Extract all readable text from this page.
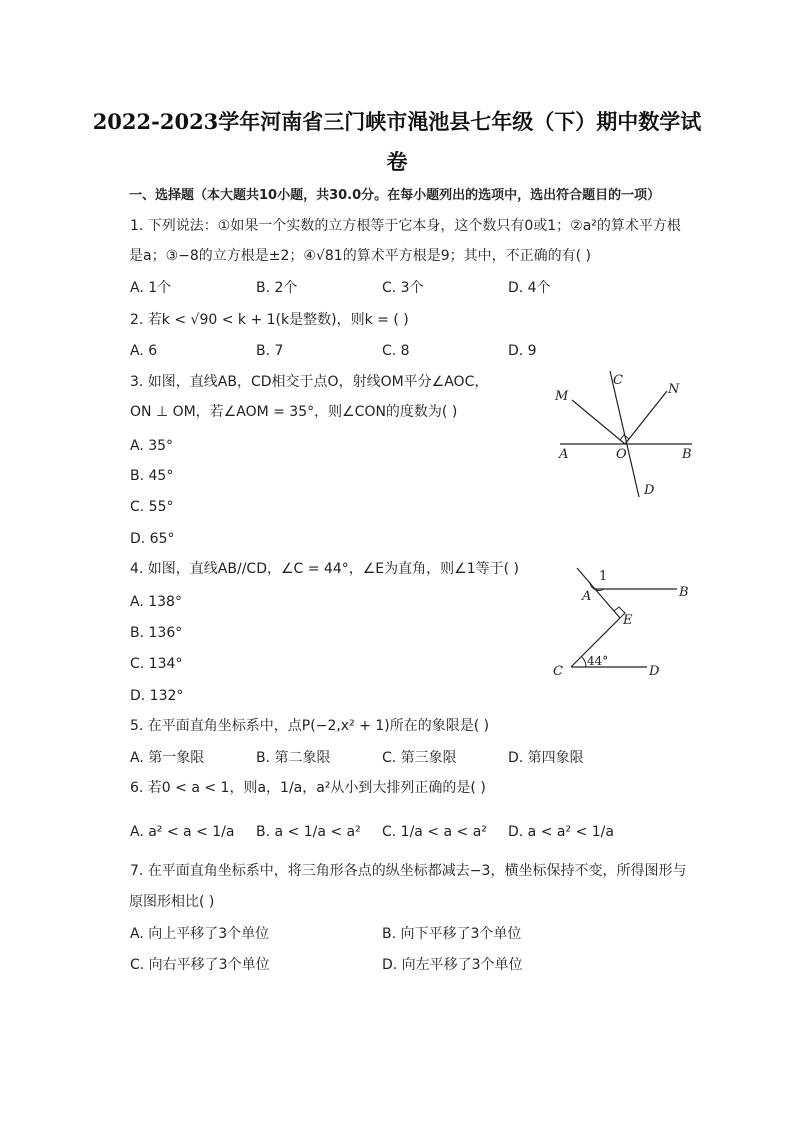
2022-2023学年河南省三门峡市渑池县七年级（下）期中数学试
卷
一、选择题（本大题共10小题，共30.0分。在每小题列出的选项中，选出符合题目的一项）
1. 下列说法：①如果一个实数的立方根等于它本身，这个数只有0或1；②a²的算术平方根
是a；③−8的立方根是±2；④√81的算术平方根是9；其中，不正确的有( )
A. 1个	B. 2个	C. 3个	D. 4个
2. 若k < √90 < k + 1(k是整数)，则k = ( )
A. 6	B. 7	C. 8	D. 9
3. 如图，直线AB，CD相交于点O，射线OM平分∠AOC，
ON ⊥ OM，若∠AOM = 35°，则∠CON的度数为( )
A. 35°
B. 45°
C. 55°
D. 65°
M
C
N
A	O	B
D
4. 如图，直线AB//CD，∠C = 44°，∠E为直角，则∠1等于( )
A. 138°
B. 136°
C. 134°
D. 132°
1
A	B
E
44°
C	D
5. 在平面直角坐标系中，点P(−2,x² + 1)所在的象限是( )
A. 第一象限	B. 第二象限	C. 第三象限	D. 第四象限
6. 若0 < a < 1，则a，1/a，a²从小到大排列正确的是( )
A. a² < a < 1/a B. a < 1/a < a² C. 1/a < a < a² D. a < a² < 1/a
7. 在平面直角坐标系中，将三角形各点的纵坐标都减去−3，横坐标保持不变，所得图形与
原图形相比( )
A. 向上平移了3个单位	B. 向下平移了3个单位
C. 向右平移了3个单位	D. 向左平移了3个单位
